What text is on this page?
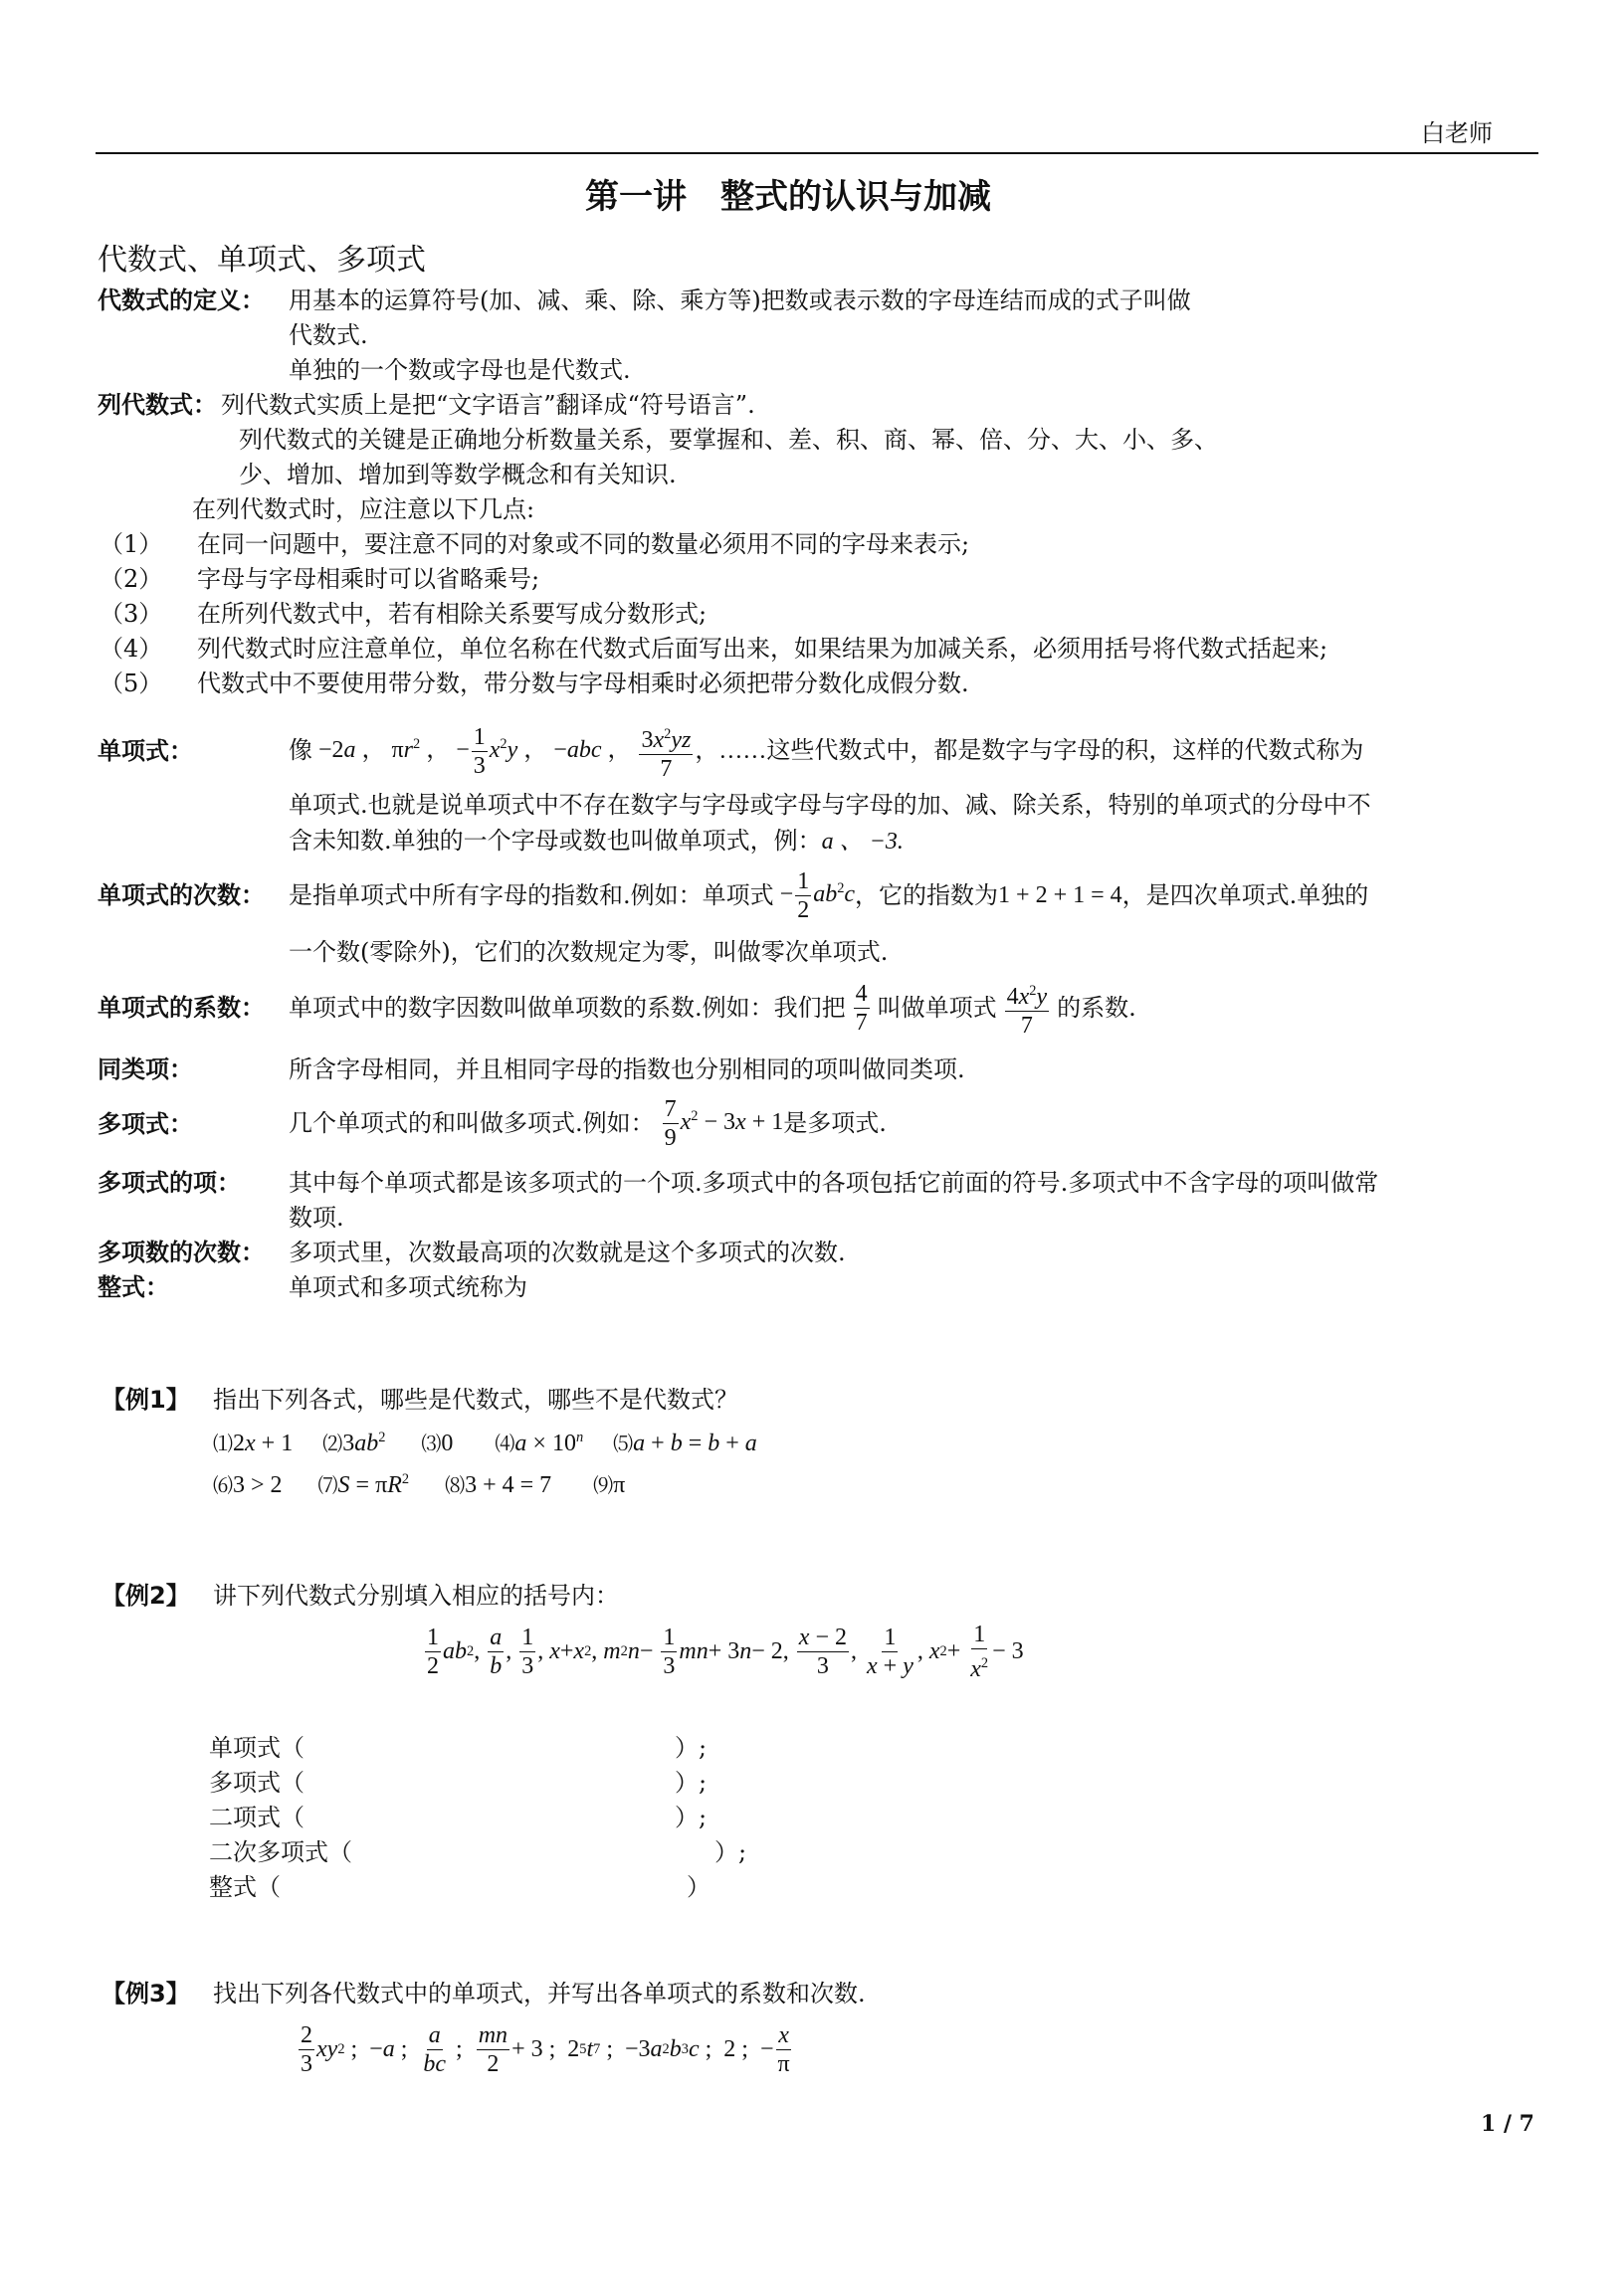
白老师
第一讲　整式的认识与加减
代数式、单项式、多项式
代数式的定义： 用基本的运算符号(加、减、乘、除、乘方等)把数或表示数的字母连结而成的式子叫做
代数式.
单独的一个数或字母也是代数式.
列代数式： 列代数式实质上是把“文字语言”翻译成“符号语言”.
列代数式的关键是正确地分析数量关系，要掌握和、差、积、商、幂、倍、分、大、小、多、
少、增加、增加到等数学概念和有关知识.
在列代数式时，应注意以下几点:
（1） 在同一问题中，要注意不同的对象或不同的数量必须用不同的字母来表示;
（2） 字母与字母相乘时可以省略乘号;
（3） 在所列代数式中，若有相除关系要写成分数形式;
（4） 列代数式时应注意单位，单位名称在代数式后面写出来，如果结果为加减关系，必须用括号将代数式括起来;
（5） 代数式中不要使用带分数，带分数与字母相乘时必须把带分数化成假分数.
单项式：	像 −2a ， $\pi r^2$ ， − $\frac{1}{3} x^2y$ ， −abc ， $\frac{3x^2yz}{7}$ ，……这些代数式中，都是数字与字母的积，这样的代数式称为
单项式.也就是说单项式中不存在数字与字母或字母与字母的加、减、除关系，特别的单项式的分母中不
含未知数.单独的一个字母或数也叫做单项式，例：a 、 −3.
单项式的次数： 是指单项式中所有字母的指数和.例如：单项式 − $\frac{1}{2} ab^2c$ ，它的指数为 1 + 2 + 1 = 4 ，是四次单项式.单独的
一个数(零除外)，它们的次数规定为零，叫做零次单项式.
单项式的系数： 单项式中的数字因数叫做单项数的系数.例如：我们把
$\frac{4}{7}$
叫做单项式
$\frac{4x^2y}{7}$
的系数.
同类项：	所含字母相同，并且相同字母的指数也分别相同的项叫做同类项.
多项式：	几个单项式的和叫做多项式.例如：
$\frac{7}{9} x^2 - 3x + 1$ 是多项式.
多项式的项： 其中每个单项式都是该多项式的一个项.多项式中的各项包括它前面的符号.多项式中不含字母的项叫做常
数项.
多项数的次数： 多项式里，次数最高项的次数就是这个多项式的次数.
整式：	单项式和多项式统称为
【例1】 指出下列各式，哪些是代数式，哪些不是代数式？
⑴2x + 1     $⑵3ab^2$ ⑶0       ⑷a × $10^n$ ⑸a + b = b + a
⑹3 > 2      ⑺S = $\pi R^2$ ⑻3 + 4 = 7       ⑼π
【例2】 讲下列代数式分别填入相应的括号内：
$\frac{1}{2}$ ab 2 , $\frac{a}{b}$ , $\frac{1}{3}$ , x + x 2 , m 2 $n - \frac{1}{3}$ mn + 3 n − 2, $\frac{x - 2}{3}$ , $\frac{1}{x + y}$ , x $2 + \frac{1}{x^2} - 3$
单项式（	）;
多项式（	）;
二项式（	）;
二次多项式（	）;
整式（	）
【例3】 找出下列各代数式中的单项式，并写出各单项式的系数和次数.
$\frac{2}{3}$ xy 2 ;  − a ; $\frac{a}{bc}$ ; $\frac{mn}{2} + 3$ ;  2 5 t 7 ;  −3 a 2 b 3 c ;  2 ;  − $\frac{x}{\pi}$
1 / 7
